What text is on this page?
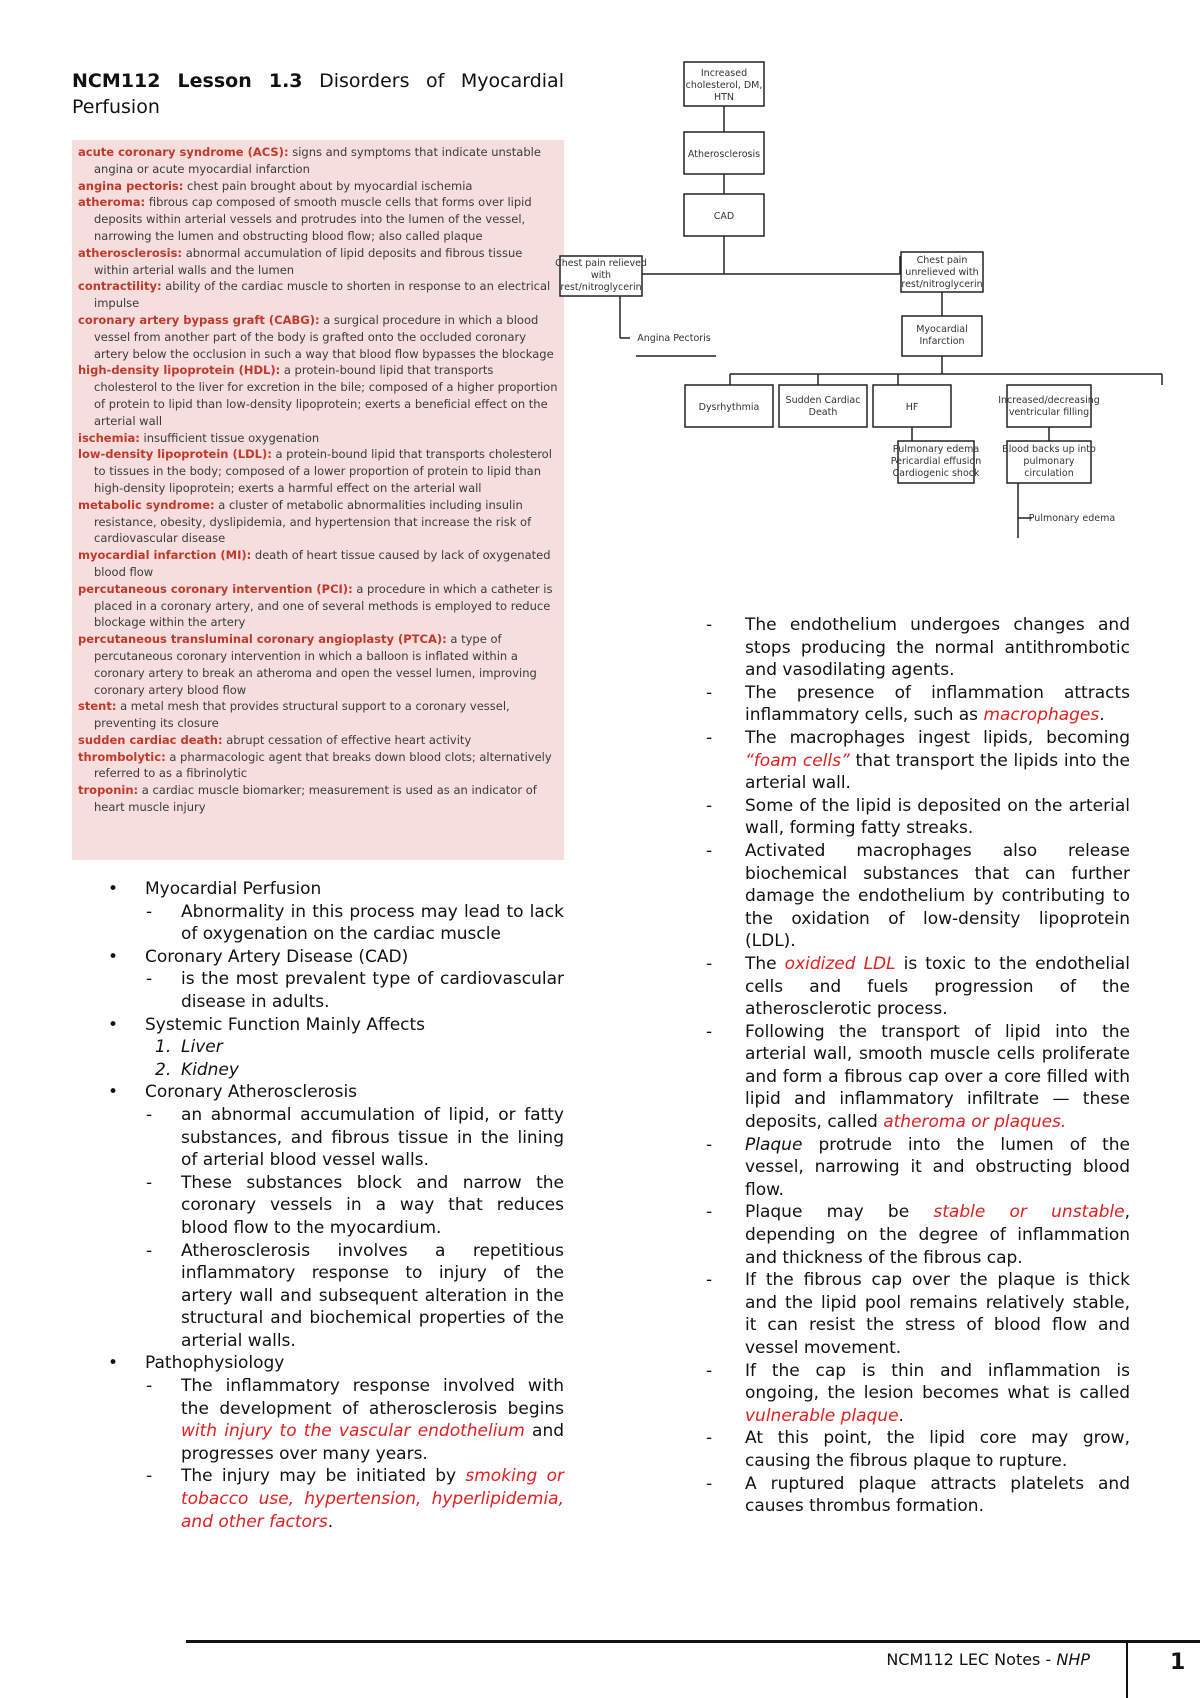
NCM112 Lesson 1.3 Disorders of Myocardial Perfusion

acute coronary syndrome (ACS): signs and symptoms that indicate unstable angina or acute myocardial infarction

angina pectoris: chest pain brought about by myocardial ischemia

atheroma: fibrous cap composed of smooth muscle cells that forms over lipid deposits within arterial vessels and protrudes into the lumen of the vessel, narrowing the lumen and obstructing blood flow; also called plaque

atherosclerosis: abnormal accumulation of lipid deposits and fibrous tissue within arterial walls and the lumen

contractility: ability of the cardiac muscle to shorten in response to an electrical impulse

coronary artery bypass graft (CABG): a surgical procedure in which a blood vessel from another part of the body is grafted onto the occluded coronary artery below the occlusion in such a way that blood flow bypasses the blockage

high-density lipoprotein (HDL): a protein-bound lipid that transports cholesterol to the liver for excretion in the bile; composed of a higher proportion of protein to lipid than low-density lipoprotein; exerts a beneficial effect on the arterial wall

ischemia: insufficient tissue oxygenation

low-density lipoprotein (LDL): a protein-bound lipid that transports cholesterol to tissues in the body; composed of a lower proportion of protein to lipid than high-density lipoprotein; exerts a harmful effect on the arterial wall

metabolic syndrome: a cluster of metabolic abnormalities including insulin resistance, obesity, dyslipidemia, and hypertension that increase the risk of cardiovascular disease

myocardial infarction (MI): death of heart tissue caused by lack of oxygenated blood flow

percutaneous coronary intervention (PCI): a procedure in which a catheter is placed in a coronary artery, and one of several methods is employed to reduce blockage within the artery

percutaneous transluminal coronary angioplasty (PTCA): a type of percutaneous coronary intervention in which a balloon is inflated within a coronary artery to break an atheroma and open the vessel lumen, improving coronary artery blood flow

stent: a metal mesh that provides structural support to a coronary vessel, preventing its closure

sudden cardiac death: abrupt cessation of effective heart activity

thrombolytic: a pharmacologic agent that breaks down blood clots; alternatively referred to as a fibrinolytic

troponin: a cardiac muscle biomarker; measurement is used as an indicator of heart muscle injury

Increased
cholesterol, DM,
HTN
Atherosclerosis
CAD
Chest pain relieved
with
rest/nitroglycerin
Angina Pectoris
Chest pain
unrelieved with
rest/nitroglycerin
Myocardial
Infarction
Dysrhythmia
Sudden Cardiac
Death	HF
Increased/decreasing
ventricular filling
Pulmonary edema
Pericardial effusion
Cardiogenic shock
Blood backs up into
pulmonary
circulation
Pulmonary edema
• Myocardial Perfusion
- Abnormality in this process may lead to lack of oxygenation on the cardiac muscle
• Coronary Artery Disease (CAD)
- is the most prevalent type of cardiovascular disease in adults.
• Systemic Function Mainly Affects
1. Liver
2. Kidney
• Coronary Atherosclerosis
- an abnormal accumulation of lipid, or fatty substances, and fibrous tissue in the lining of arterial blood vessel walls.
- These substances block and narrow the coronary vessels in a way that reduces blood flow to the myocardium.
- Atherosclerosis involves a repetitious inflammatory response to injury of the artery wall and subsequent alteration in the structural and biochemical properties of the arterial walls.
• Pathophysiology
- The inflammatory response involved with the development of atherosclerosis begins with injury to the vascular endothelium and progresses over many years.
- The injury may be initiated by smoking or tobacco use, hypertension, hyperlipidemia, and other factors.
- The endothelium undergoes changes and stops producing the normal antithrombotic and vasodilating agents.
- The presence of inflammation attracts inflammatory cells, such as macrophages.
- The macrophages ingest lipids, becoming “foam cells” that transport the lipids into the arterial wall.
- Some of the lipid is deposited on the arterial wall, forming fatty streaks.
- Activated macrophages also release biochemical substances that can further damage the endothelium by contributing to the oxidation of low-density lipoprotein (LDL).
- The oxidized LDL is toxic to the endothelial cells and fuels progression of the atherosclerotic process.
- Following the transport of lipid into the arterial wall, smooth muscle cells proliferate and form a fibrous cap over a core filled with lipid and inflammatory infiltrate — these deposits, called atheroma or plaques.
- Plaque protrude into the lumen of the vessel, narrowing it and obstructing blood flow.
- Plaque may be stable or unstable, depending on the degree of inflammation and thickness of the fibrous cap.
- If the fibrous cap over the plaque is thick and the lipid pool remains relatively stable, it can resist the stress of blood flow and vessel movement.
- If the cap is thin and inflammation is ongoing, the lesion becomes what is called vulnerable plaque.
- At this point, the lipid core may grow, causing the fibrous plaque to rupture.
- A ruptured plaque attracts platelets and causes thrombus formation.
NCM112 LEC Notes - NHP	1
